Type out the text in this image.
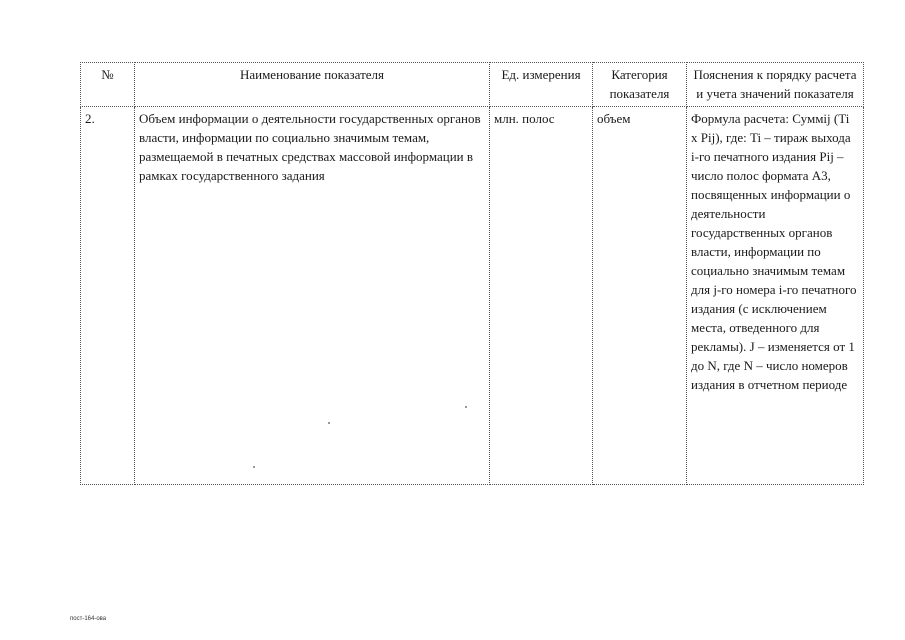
№	Наименование показателя	Ед. измерения	Категория показателя	Пояснения к порядку расчета и учета значений показателя
2.	Объем информации о деятельности государственных органов власти, информации по социально значимым темам, размещаемой в печатных средствах массовой информации в рамках государственного задания	млн. полос	объем	Формула расчета: Суммij (Ti x Pij), где: Ti – тираж выхода i-го печатного издания Pij – число полос формата А3, посвященных информации о деятельности государственных органов власти, информации по социально значимым темам для j-го номера i-го печатного издания (с исключением места, отведенного для рекламы). J – изменяется от 1 до N, где N – число номеров издания в отчетном периоде
пост-164-ова
